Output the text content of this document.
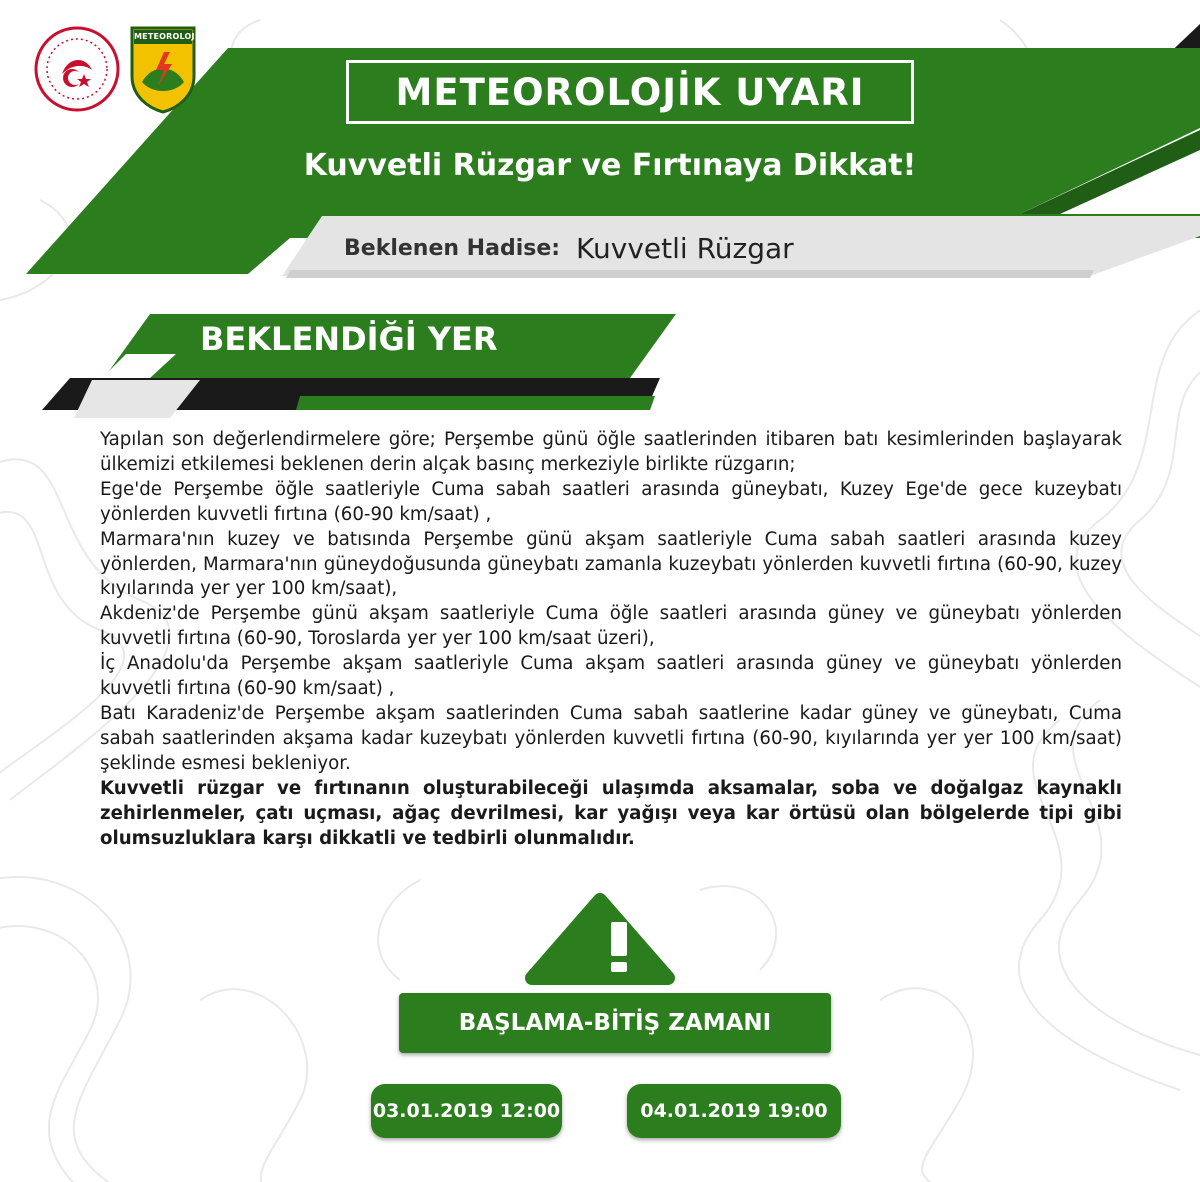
METEOROLOJİ
METEOROLOJİK UYARI
Kuvvetli Rüzgar ve Fırtınaya Dikkat!
Beklenen Hadise: Kuvvetli Rüzgar
BEKLENDİĞİ YER

Yapılan son değerlendirmelere göre; Perşembe günü öğle saatlerinden itibaren batı kesimlerinden başlayarak ülkemizi etkilemesi beklenen derin alçak basınç merkeziyle birlikte rüzgarın;

Ege'de Perşembe öğle saatleriyle Cuma sabah saatleri arasında güneybatı, Kuzey Ege'de gece kuzeybatı yönlerden kuvvetli fırtına (60-90 km/saat) ,

Marmara'nın kuzey ve batısında Perşembe günü akşam saatleriyle Cuma sabah saatleri arasında kuzey yönlerden, Marmara'nın güneydoğusunda güneybatı zamanla kuzeybatı yönlerden kuvvetli fırtına (60-90, kuzey kıyılarında yer yer 100 km/saat),

Akdeniz'de Perşembe günü akşam saatleriyle Cuma öğle saatleri arasında güney ve güneybatı yönlerden kuvvetli fırtına (60-90, Toroslarda yer yer 100 km/saat üzeri),

İç Anadolu'da Perşembe akşam saatleriyle Cuma akşam saatleri arasında güney ve güneybatı yönlerden kuvvetli fırtına (60-90 km/saat) ,

Batı Karadeniz'de Perşembe akşam saatlerinden Cuma sabah saatlerine kadar güney ve güneybatı, Cuma sabah saatlerinden akşama kadar kuzeybatı yönlerden kuvvetli fırtına (60-90, kıyılarında yer yer 100 km/saat) şeklinde esmesi bekleniyor.

Kuvvetli rüzgar ve fırtınanın oluşturabileceği ulaşımda aksamalar, soba ve doğalgaz kaynaklı zehirlenmeler, çatı uçması, ağaç devrilmesi, kar yağışı veya kar örtüsü olan bölgelerde tipi gibi olumsuzluklara karşı dikkatli ve tedbirli olunmalıdır.

BAŞLAMA-BİTİŞ ZAMANI
03.01.2019 12:00	04.01.2019 19:00
